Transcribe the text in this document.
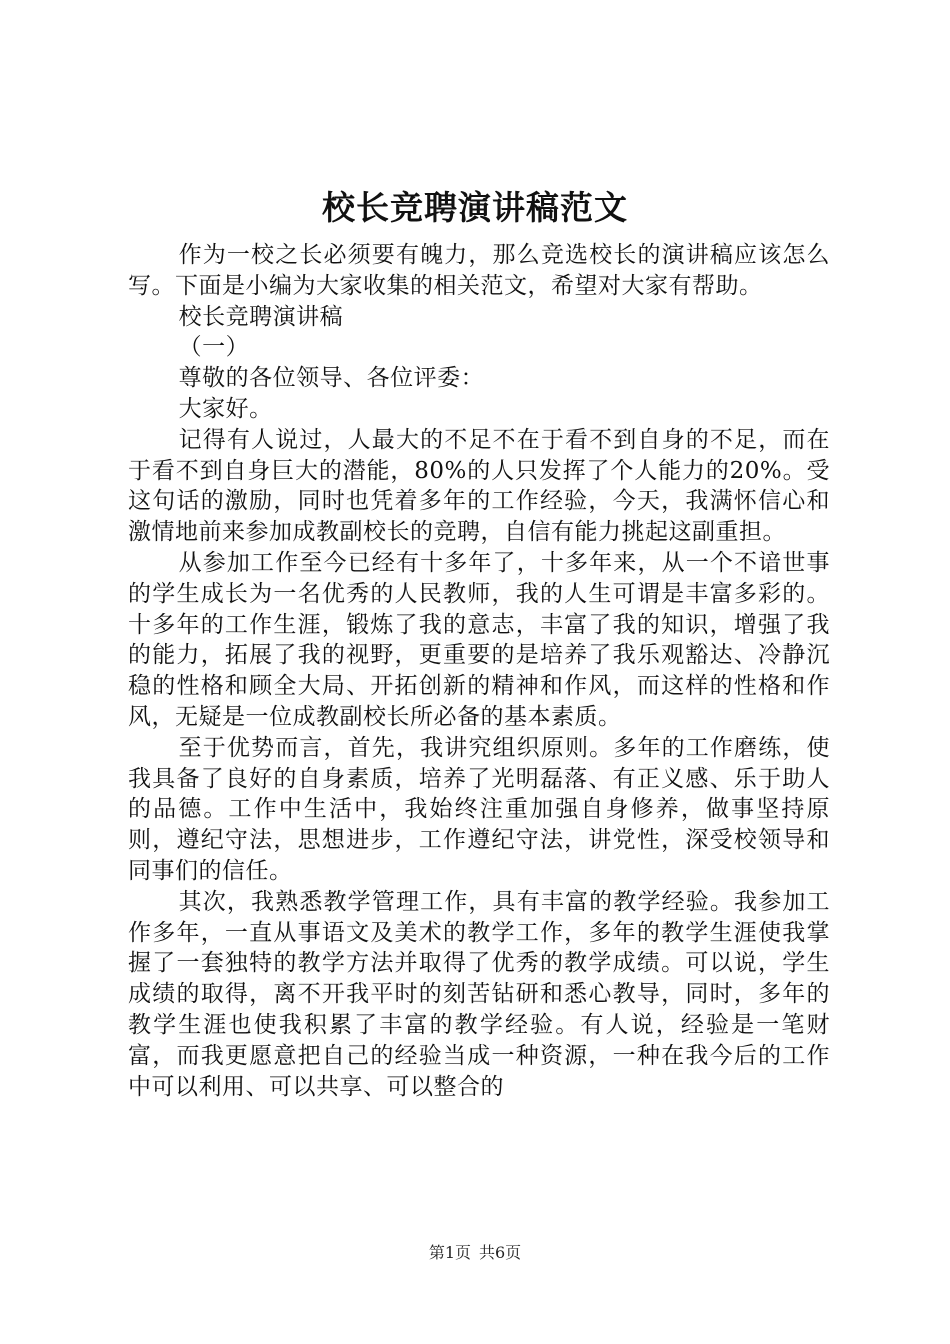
校长竞聘演讲稿范文

作为一校之长必须要有魄力，那么竞选校长的演讲稿应该怎么写。下面是小编为大家收集的相关范文，希望对大家有帮助。

校长竞聘演讲稿

（一）

尊敬的各位领导、各位评委：

大家好。

记得有人说过，人最大的不足不在于看不到自身的不足，而在于看不到自身巨大的潜能，80%的人只发挥了个人能力的20%。受这句话的激励，同时也凭着多年的工作经验，今天，我满怀信心和激情地前来参加成教副校长的竞聘，自信有能力挑起这副重担。

从参加工作至今已经有十多年了，十多年来，从一个不谙世事的学生成长为一名优秀的人民教师，我的人生可谓是丰富多彩的。十多年的工作生涯，锻炼了我的意志，丰富了我的知识，增强了我的能力，拓展了我的视野，更重要的是培养了我乐观豁达、冷静沉稳的性格和顾全大局、开拓创新的精神和作风，而这样的性格和作风，无疑是一位成教副校长所必备的基本素质。

至于优势而言，首先，我讲究组织原则。多年的工作磨练，使我具备了良好的自身素质，培养了光明磊落、有正义感、乐于助人的品德。工作中生活中，我始终注重加强自身修养，做事坚持原则，遵纪守法，思想进步，工作遵纪守法，讲党性，深受校领导和同事们的信任。

其次，我熟悉教学管理工作，具有丰富的教学经验。我参加工作多年，一直从事语文及美术的教学工作，多年的教学生涯使我掌握了一套独特的教学方法并取得了优秀的教学成绩。可以说，学生成绩的取得，离不开我平时的刻苦钻研和悉心教导，同时，多年的教学生涯也使我积累了丰富的教学经验。有人说，经验是一笔财富，而我更愿意把自己的经验当成一种资源，一种在我今后的工作中可以利用、可以共享、可以整合的

第1页 共6页
